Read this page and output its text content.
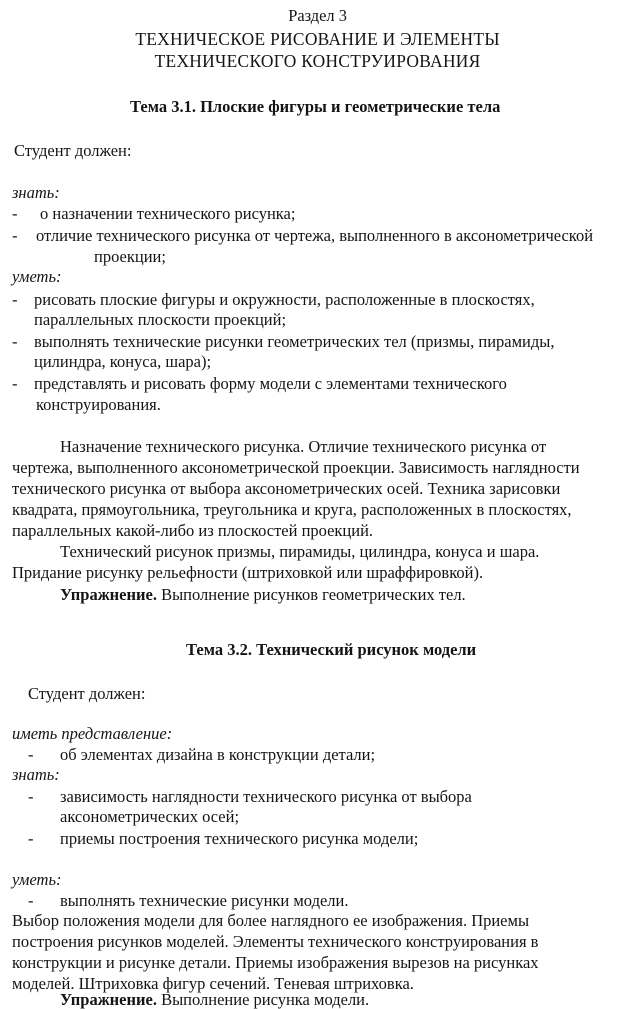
Раздел 3
ТЕХНИЧЕСКОЕ РИСОВАНИЕ И ЭЛЕМЕНТЫ
ТЕХНИЧЕСКОГО КОНСТРУИРОВАНИЯ
Тема 3.1. Плоские фигуры и геометрические тела
Студент должен:
знать:
- о назначении технического рисунка;
- отличие технического рисунка от чертежа, выполненного в аксонометрической
проекции;
уметь:
- рисовать плоские фигуры и окружности, расположенные в плоскостях,
параллельных плоскости проекций;
- выполнять технические рисунки геометрических тел (призмы, пирамиды,
цилиндра, конуса, шара);
- представлять и рисовать форму модели с элементами технического
конструирования.
Назначение технического рисунка. Отличие технического рисунка от
чертежа, выполненного аксонометрической проекции. Зависимость наглядности
технического рисунка от выбора аксонометрических осей. Техника зарисовки
квадрата, прямоугольника, треугольника и круга, расположенных в плоскостях,
параллельных какой-либо из плоскостей проекций.
Технический рисунок призмы, пирамиды, цилиндра, конуса и шара.
Придание рисунку рельефности (штриховкой или шраффировкой).
Упражнение. Выполнение рисунков геометрических тел.
Тема 3.2. Технический рисунок модели
Студент должен:
иметь представление:
- об элементах дизайна в конструкции детали;
знать:
- зависимость наглядности технического рисунка от выбора
аксонометрических осей;
- приемы построения технического рисунка модели;
уметь:
- выполнять технические рисунки модели.
Выбор положения модели для более наглядного ее изображения. Приемы
построения рисунков моделей. Элементы технического конструирования в
конструкции и рисунке детали. Приемы изображения вырезов на рисунках
моделей. Штриховка фигур сечений. Теневая штриховка.
Упражнение. Выполнение рисунка модели.
